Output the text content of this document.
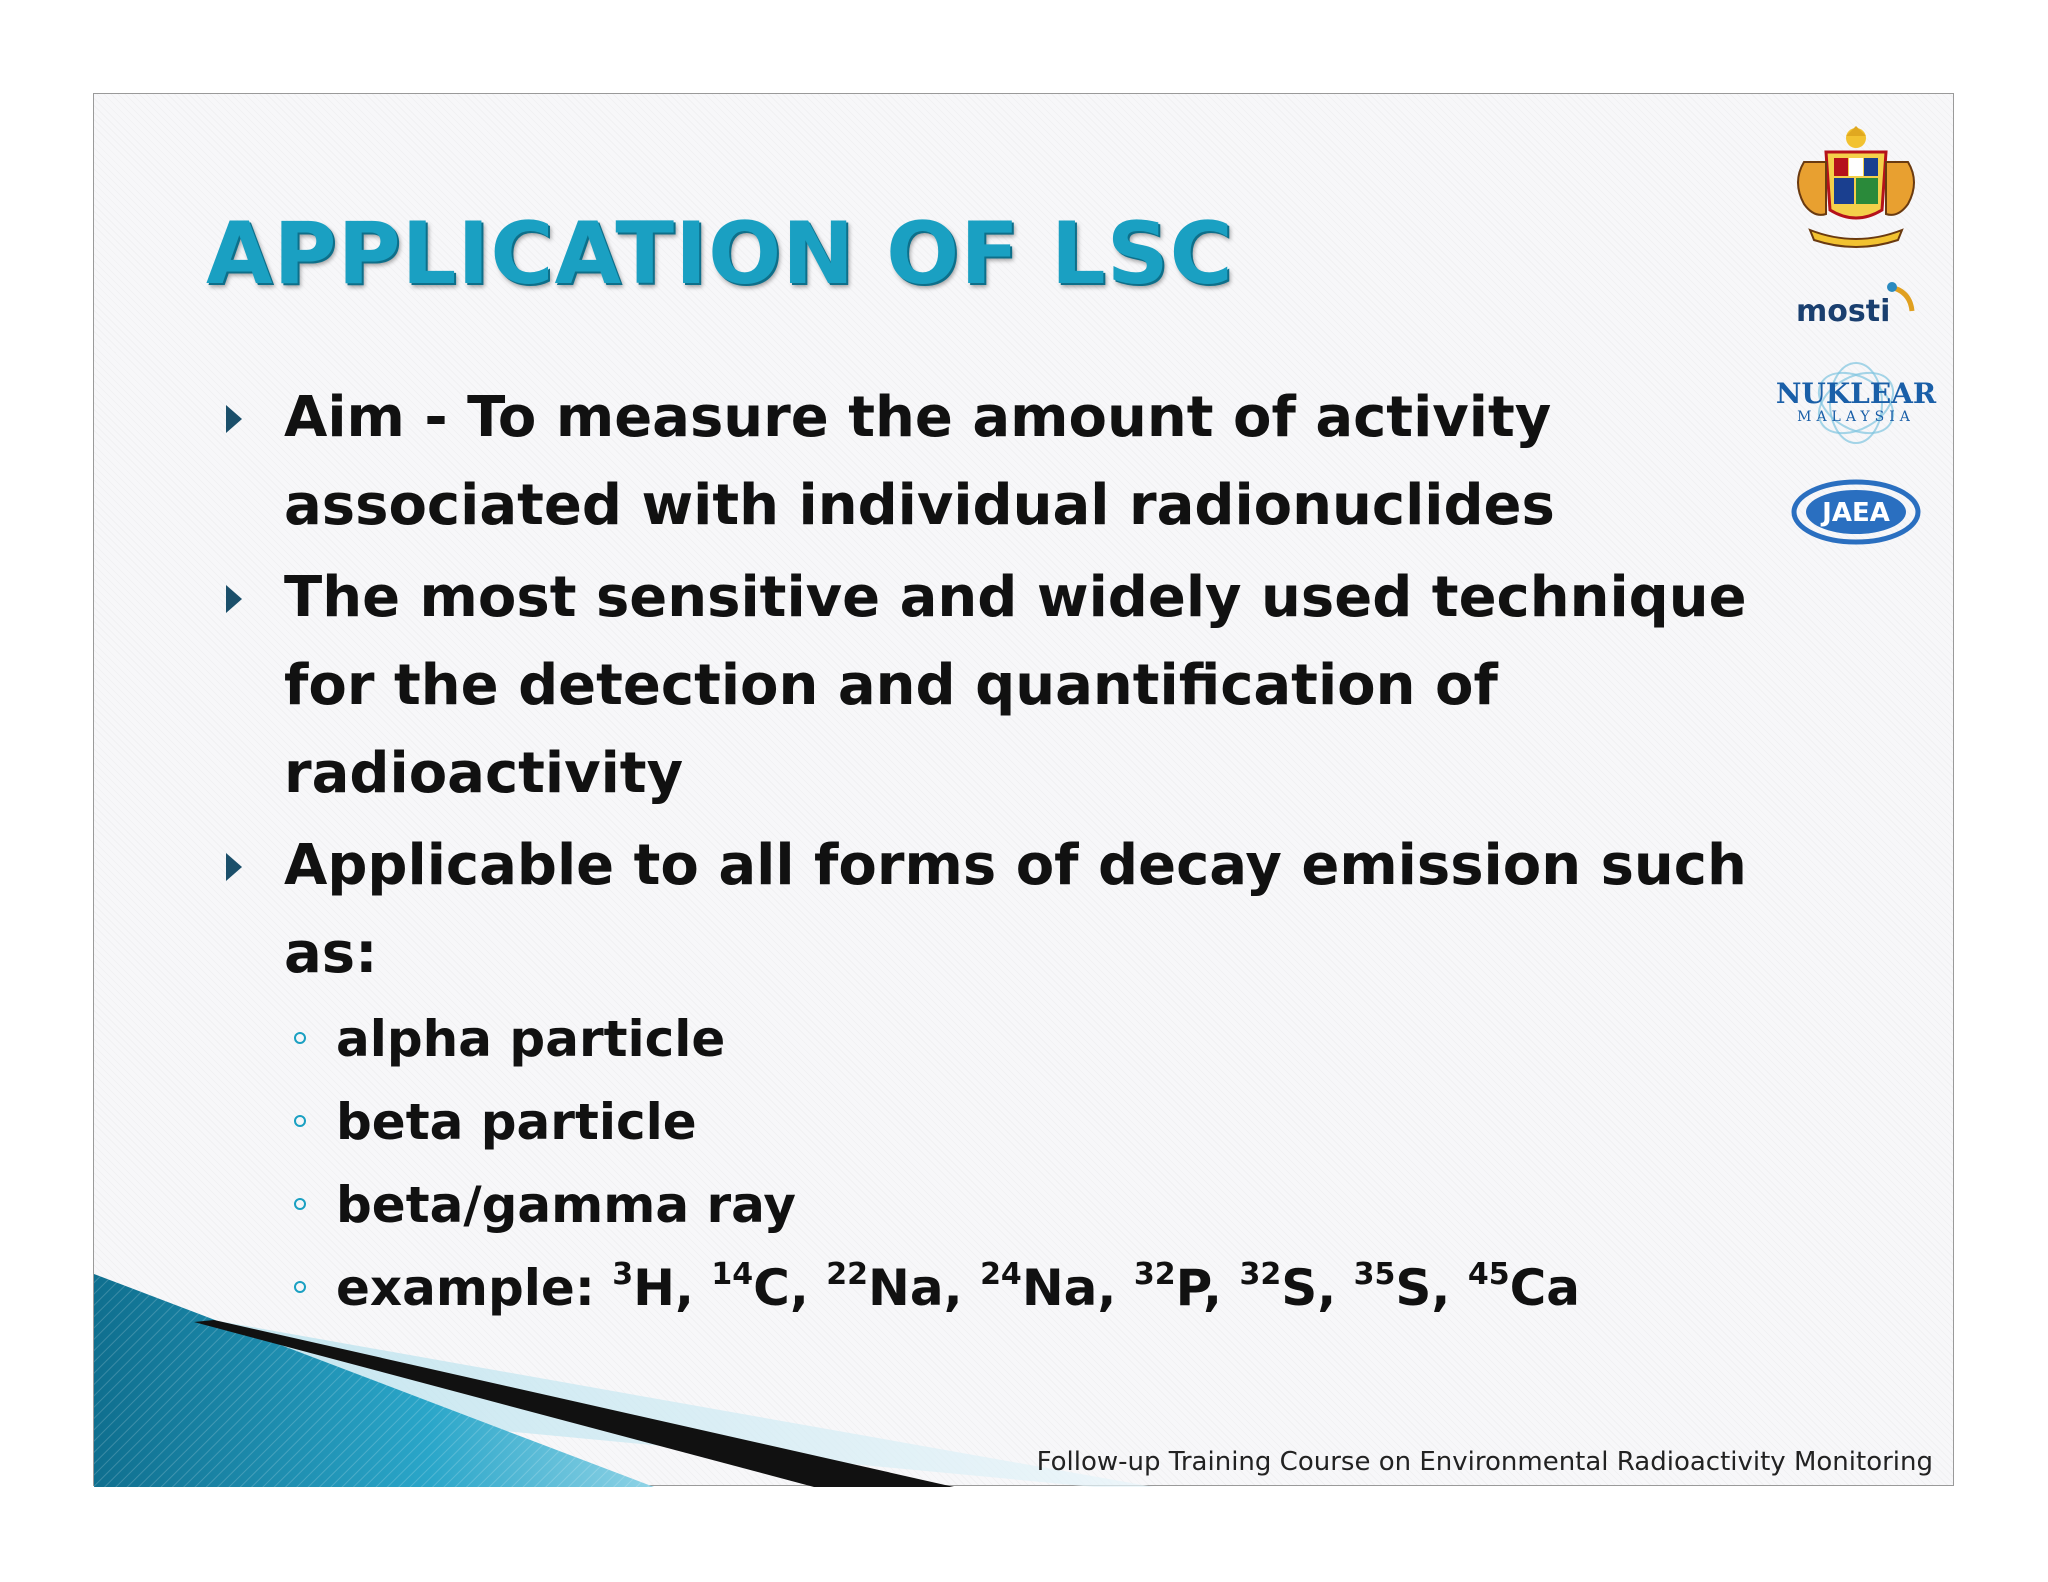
APPLICATION OF LSC
Aim - To measure the amount of activity associated with individual radionuclides
The most sensitive and widely used technique for the detection and quantification of radioactivity
Applicable to all forms of decay emission such as:
alpha particle
beta particle
beta/gamma ray
example: $^3$H, $^{14}$C, $^{22}$Na, $^{24}$Na, $^{32}$P, $^{32}$S, $^{35}$S, $^{45}$Ca
mosti
NUKLEAR
MALAYSIA
JAEA

Follow-up Training Course on Environmental Radioactivity Monitoring
